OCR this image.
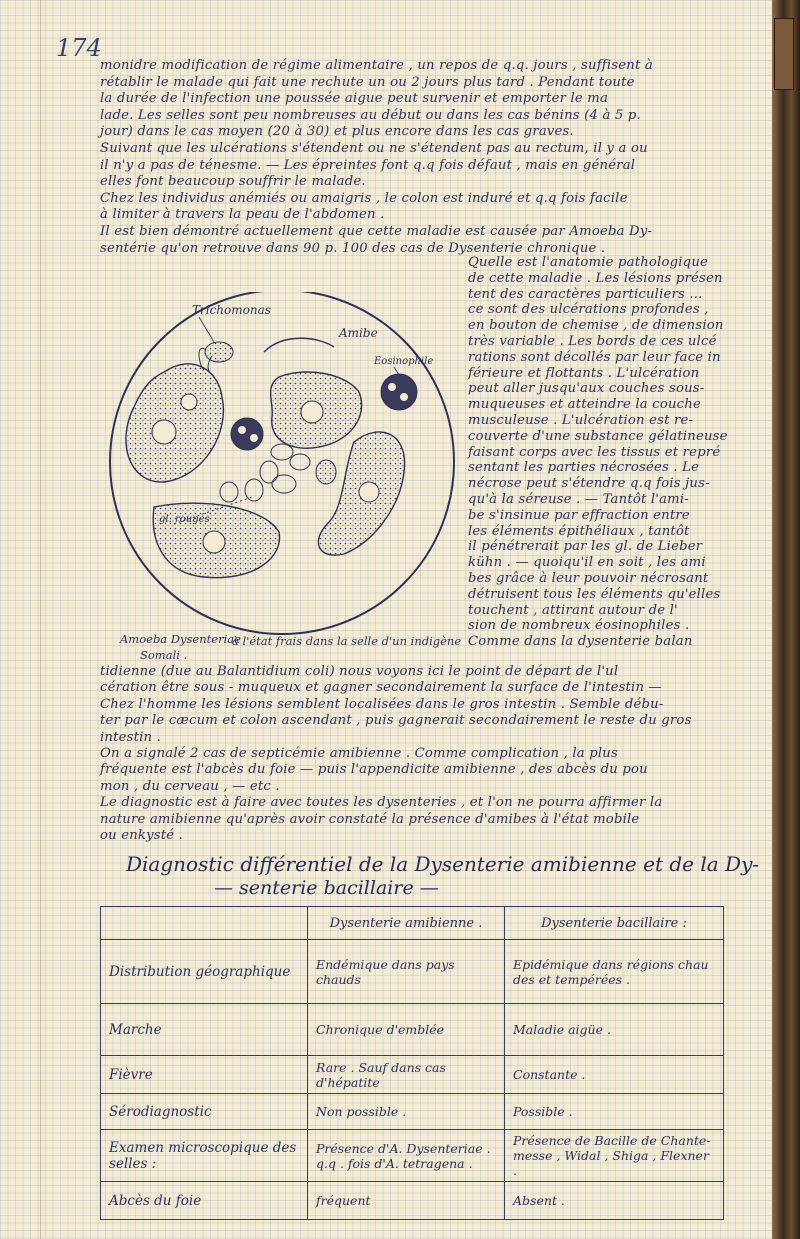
174
monidre modification de régime alimentaire , un repos de q.q. jours , suffisent à
rétablir le malade qui fait une rechute un ou 2 jours plus tard . Pendant toute
la durée de l'infection une poussée aigue peut survenir et emporter le ma
lade. Les selles sont peu nombreuses au début ou dans les cas bénins (4 à 5 p.
jour) dans le cas moyen (20 à 30) et plus encore dans les cas graves.
Suivant que les ulcérations s'étendent ou ne s'étendent pas au rectum, il y a ou
il n'y a pas de ténesme. — Les épreintes font q.q fois défaut , mais en général
elles font beaucoup souffrir le malade.
Chez les individus anémiés ou amaigris , le colon est induré et q.q fois facile
à limiter à travers la peau de l'abdomen .
Il est bien démontré actuellement que cette maladie est causée par Amoeba Dy-
sentérie qu'on retrouve dans 90 p. 100 des cas de Dysenterie chronique .
Quelle est l'anatomie pathologique
de cette maladie . Les lésions présen
tent des caractères particuliers ...
ce sont des ulcérations profondes ,
en bouton de chemise , de dimension
très variable . Les bords de ces ulcé
rations sont décollés par leur face in
férieure et flottants . L'ulcération
peut aller jusqu'aux couches sous-
muqueuses et atteindre la couche
musculeuse . L'ulcération est re-
couverte d'une substance gélatineuse
faisant corps avec les tissus et repré
sentant les parties nécrosées . Le
nécrose peut s'étendre q.q fois jus-
qu'à la séreuse . — Tantôt l'ami-
be s'insinue par effraction entre
les éléments épithéliaux , tantôt
il pénétrerait par les gl. de Lieber
kühn . — quoiqu'il en soit , les ami
bes grâce à leur pouvoir nécrosant
détruisent tous les éléments qu'elles
touchent , attirant autour de l'
sion de nombreux éosinophiles .
Comme dans la dysenterie balan
Trichomonas
Amibe
Eosinophile
gl. rouges
Amoeba Dysenteriae
Somali .
à l'état frais dans la selle d'un indigène
tidienne (due au Balantidium coli) nous voyons ici le point de départ de l'ul
cération être sous - muqueux et gagner secondairement la surface de l'intestin —
Chez l'homme les lésions semblent localisées dans le gros intestin . Semble débu-
ter par le cæcum et colon ascendant , puis gagnerait secondairement le reste du gros
intestin .
On a signalé 2 cas de septicémie amibienne . Comme complication , la plus
fréquente est l'abcès du foie — puis l'appendicite amibienne , des abcès du pou
mon , du cerveau , — etc .
Le diagnostic est à faire avec toutes les dysenteries , et l'on ne pourra affirmer la
nature amibienne qu'après avoir constaté la présence d'amibes à l'état mobile
ou enkysté .
Diagnostic différentiel de la Dysenterie amibienne et de la Dy-
— senterie bacillaire —
	Dysenterie amibienne .	Dysenterie bacillaire :
Distribution géographique	Endémique dans pays chauds	Epidémique dans régions chau des et tempérées .
Marche	Chronique d'emblée	Maladie aigüe .
Fièvre	Rare . Sauf dans cas d'hépatite	Constante .
Sérodiagnostic	Non possible .	Possible .
Examen microscopique des selles :	Présence d'A. Dysenteriae . q.q . fois d'A. tetragena .	Présence de Bacille de Chante- messe , Widal , Shiga , Flexner .
Abcès du foie	fréquent	Absent .
